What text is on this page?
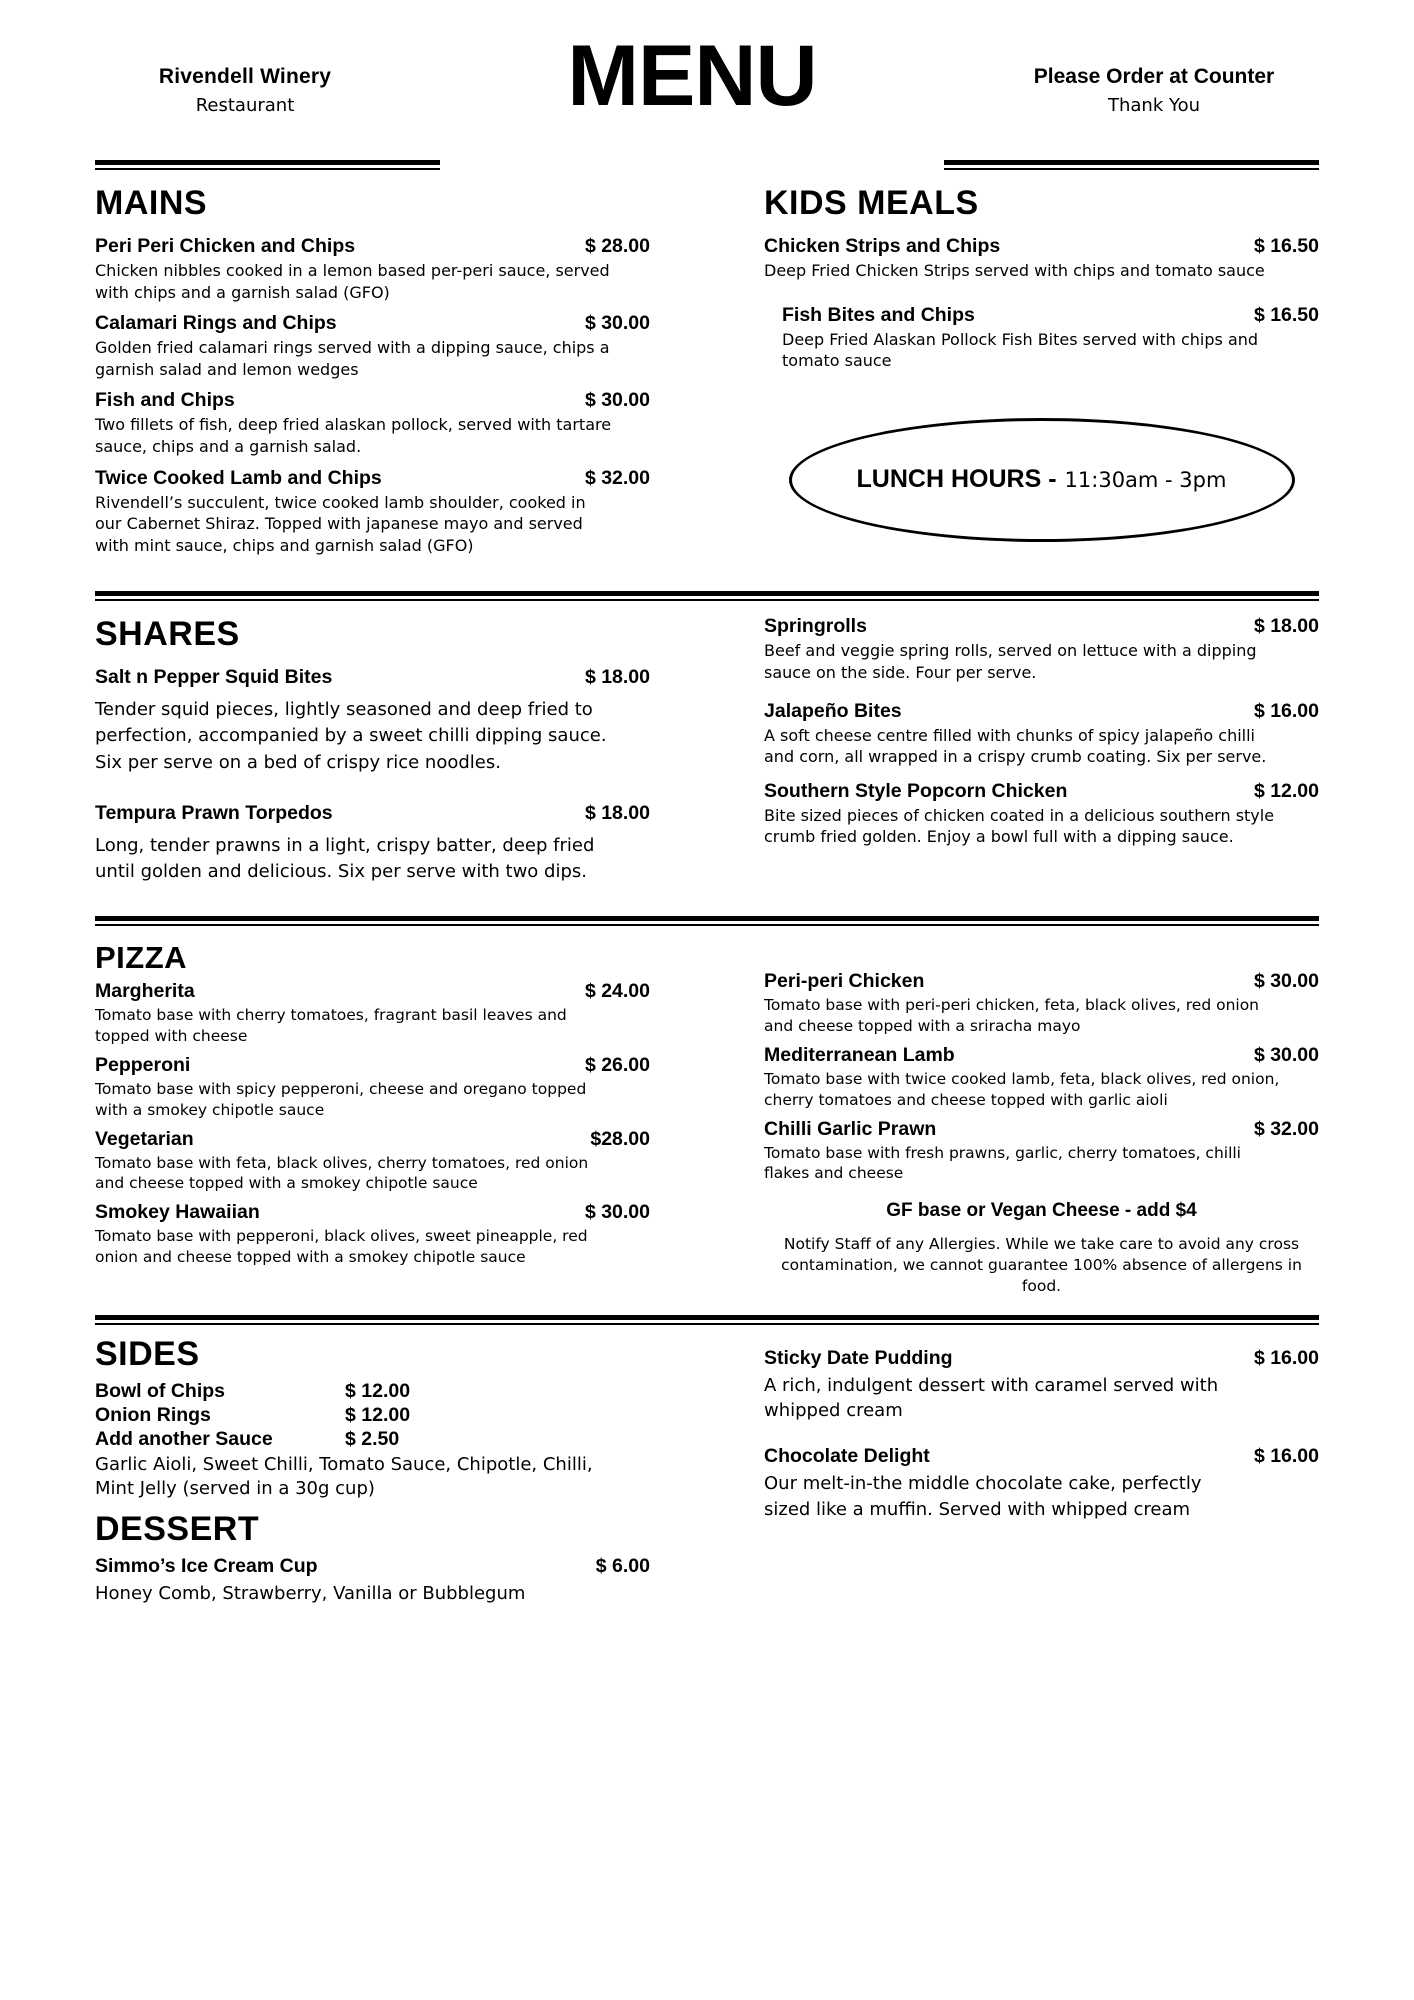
Rivendell Winery
Restaurant	MENU	Please Order at Counter
Thank You
MAINS
Peri Peri Chicken and Chips	$ 28.00
Chicken nibbles cooked in a lemon based per-peri sauce, served with chips and a garnish salad (GFO)
Calamari Rings and Chips	$ 30.00
Golden fried calamari rings served with a dipping sauce, chips a garnish salad and lemon wedges
Fish and Chips	$ 30.00
Two fillets of fish, deep fried alaskan pollock, served with tartare sauce, chips and a garnish salad.
Twice Cooked Lamb and Chips	$ 32.00
Rivendell’s succulent, twice cooked lamb shoulder, cooked in our Cabernet Shiraz. Topped with japanese mayo and served with mint sauce, chips and garnish salad (GFO)
KIDS MEALS
Chicken Strips and Chips	$ 16.50
Deep Fried Chicken Strips served with chips and tomato sauce
Fish Bites and Chips	$ 16.50
Deep Fried Alaskan Pollock Fish Bites served with chips and tomato sauce
LUNCH HOURS - 11:30am - 3pm
SHARES
Salt n Pepper Squid Bites	$ 18.00
Tender squid pieces, lightly seasoned and deep fried to perfection, accompanied by a sweet chilli dipping sauce. Six per serve on a bed of crispy rice noodles.
Tempura Prawn Torpedos	$ 18.00
Long, tender prawns in a light, crispy batter, deep fried until golden and delicious. Six per serve with two dips.
Springrolls	$ 18.00
Beef and veggie spring rolls, served on lettuce with a dipping sauce on the side. Four per serve.
Jalapeño Bites	$ 16.00
A soft cheese centre filled with chunks of spicy jalapeño chilli and corn, all wrapped in a crispy crumb coating. Six per serve.
Southern Style Popcorn Chicken	$ 12.00
Bite sized pieces of chicken coated in a delicious southern style crumb fried golden. Enjoy a bowl full with a dipping sauce.
PIZZA
Margherita	$ 24.00
Tomato base with cherry tomatoes, fragrant basil leaves and topped with cheese
Pepperoni	$ 26.00
Tomato base with spicy pepperoni, cheese and oregano topped with a smokey chipotle sauce
Vegetarian	$28.00
Tomato base with feta, black olives, cherry tomatoes, red onion and cheese topped with a smokey chipotle sauce
Smokey Hawaiian	$ 30.00
Tomato base with pepperoni, black olives, sweet pineapple, red onion and cheese topped with a smokey chipotle sauce
Peri-peri Chicken	$ 30.00
Tomato base with peri-peri chicken, feta, black olives, red onion and cheese topped with a sriracha mayo
Mediterranean Lamb	$ 30.00
Tomato base with twice cooked lamb, feta, black olives, red onion, cherry tomatoes and cheese topped with garlic aioli
Chilli Garlic Prawn	$ 32.00
Tomato base with fresh prawns, garlic, cherry tomatoes, chilli flakes and cheese
GF base or Vegan Cheese - add $4
Notify Staff of any Allergies. While we take care to avoid any cross contamination, we cannot guarantee 100% absence of allergens in food.
SIDES
Bowl of Chips	$ 12.00
Onion Rings	$ 12.00
Add another Sauce	$ 2.50
Garlic Aioli, Sweet Chilli, Tomato Sauce, Chipotle, Chilli, Mint Jelly (served in a 30g cup)
DESSERT
Simmo’s Ice Cream Cup	$ 6.00
Honey Comb, Strawberry, Vanilla or Bubblegum
Sticky Date Pudding	$ 16.00
A rich, indulgent dessert with caramel served with whipped cream
Chocolate Delight	$ 16.00
Our melt-in-the middle chocolate cake, perfectly sized like a muffin. Served with whipped cream
